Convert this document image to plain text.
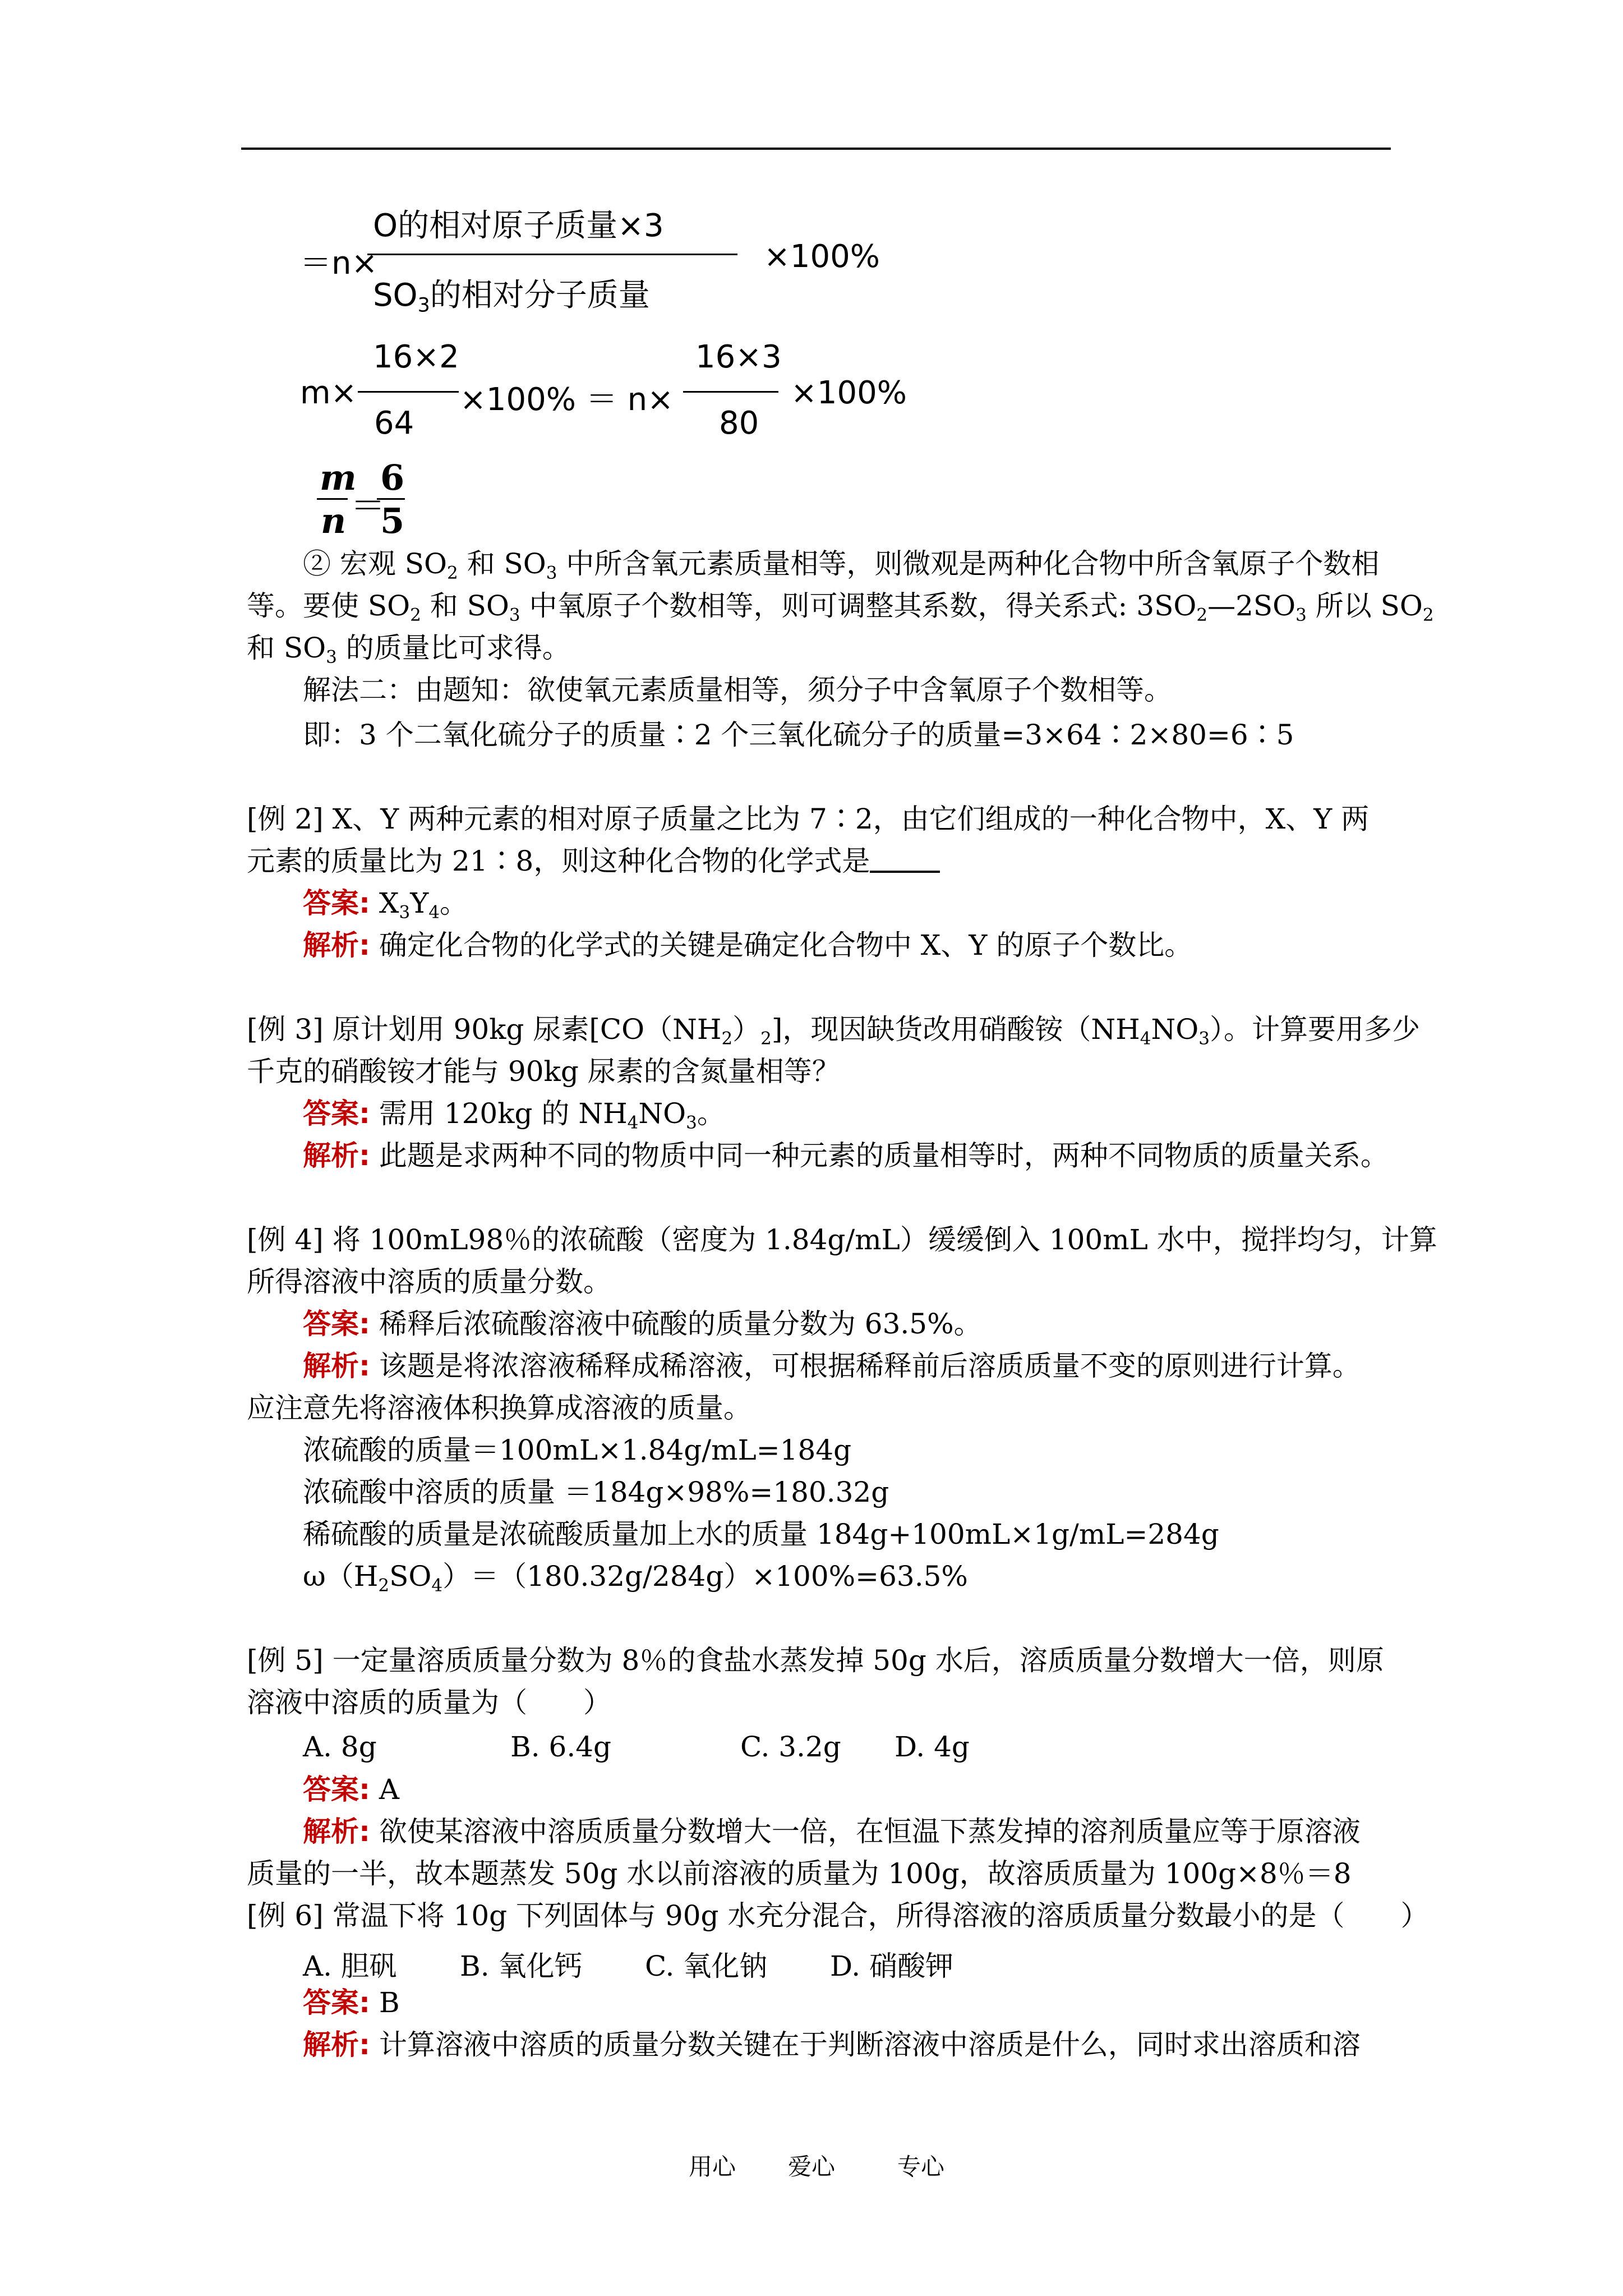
＝n×
O的相对原子质量×3
$SO_3$的相对分子质量
×100%
m×
16×2
64
×100% ＝ n×
16×3
80
×100%
m
n ＝
6
5
② 宏观 $SO_2$ 和 $SO_3$ 中所含氧元素质量相等，则微观是两种化合物中所含氧原子个数相
等。要使 $SO_2$ 和 $SO_3$ 中氧原子个数相等，则可调整其系数，得关系式: $3SO_2—2SO_3$ 所以 $SO_2$
和 $SO_3$ 的质量比可求得。
解法二：由题知：欲使氧元素质量相等，须分子中含氧原子个数相等。
即：3 个二氧化硫分子的质量∶2 个三氧化硫分子的质量=3×64∶2×80=6∶5
[例 2] X、Y 两种元素的相对原子质量之比为 7∶2，由它们组成的一种化合物中，X、Y 两
元素的质量比为 21∶8，则这种化合物的化学式是
答案: $X_3Y_4$。
解析: 确定化合物的化学式的关键是确定化合物中 X、Y 的原子个数比。
[例 3] 原计划用 90kg 尿素$[CO(NH_2)_2]$，现因缺货改用硝酸铵$(NH_4NO_3)$。计算要用多少
千克的硝酸铵才能与 90kg 尿素的含氮量相等？
答案: 需用 120kg 的 $NH_4NO_3$。
解析: 此题是求两种不同的物质中同一种元素的质量相等时，两种不同物质的质量关系。
[例 4] 将 100mL98％的浓硫酸（密度为 1.84g/mL）缓缓倒入 100mL 水中，搅拌均匀，计算
所得溶液中溶质的质量分数。
答案: 稀释后浓硫酸溶液中硫酸的质量分数为 63.5%。
解析: 该题是将浓溶液稀释成稀溶液，可根据稀释前后溶质质量不变的原则进行计算。
应注意先将溶液体积换算成溶液的质量。
浓硫酸的质量＝100mL×1.84g/mL=184g
浓硫酸中溶质的质量 ＝184g×98%=180.32g
稀硫酸的质量是浓硫酸质量加上水的质量 184g+100mL×1g/mL=284g
$\omega(H_2SO_4)=(180.32g/284g)\times 100\%=63.5\%$
[例 5] 一定量溶质质量分数为 8％的食盐水蒸发掉 50g 水后，溶质质量分数增大一倍，则原
溶液中溶质的质量为（　　）
A. 8g	B. 6.4g	C. 3.2g D. 4g
答案: A
解析: 欲使某溶液中溶质质量分数增大一倍，在恒温下蒸发掉的溶剂质量应等于原溶液
质量的一半，故本题蒸发 50g 水以前溶液的质量为 100g，故溶质质量为 100g×8％＝8
[例 6] 常温下将 10g 下列固体与 90g 水充分混合，所得溶液的溶质质量分数最小的是（　　）
A. 胆矾 B. 氧化钙 C. 氧化钠 D. 硝酸钾
答案: B
解析: 计算溶液中溶质的质量分数关键在于判断溶液中溶质是什么，同时求出溶质和溶
用心 爱心	专心
